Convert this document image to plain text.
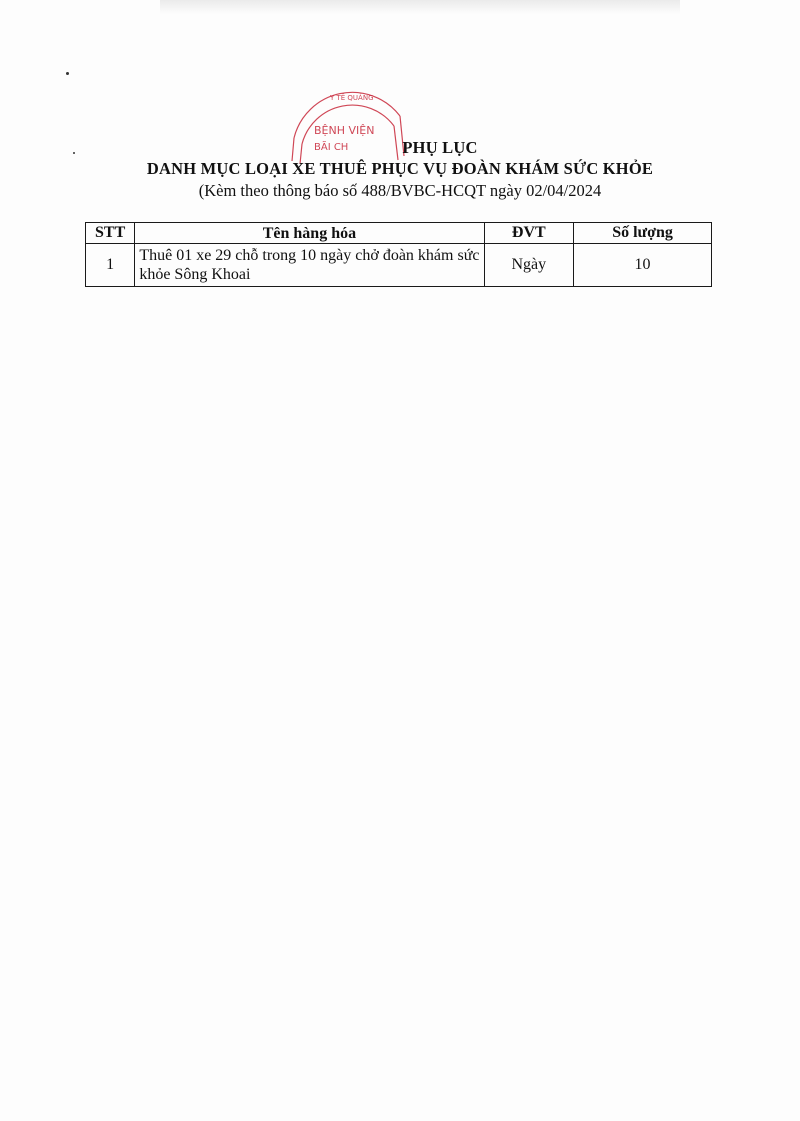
BỆNH VIỆN
BÃI CH
Y TẾ QUẢNG
PHỤ LỤC
DANH MỤC LOẠI XE THUÊ PHỤC VỤ ĐOÀN KHÁM SỨC KHỎE
(Kèm theo thông báo số 488/BVBC-HCQT ngày 02/04/2024
STT	Tên hàng hóa	ĐVT	Số lượng
1	Thuê 01 xe 29 chỗ trong 10 ngày chở đoàn khám sức khỏe Sông Khoai	Ngày	10
